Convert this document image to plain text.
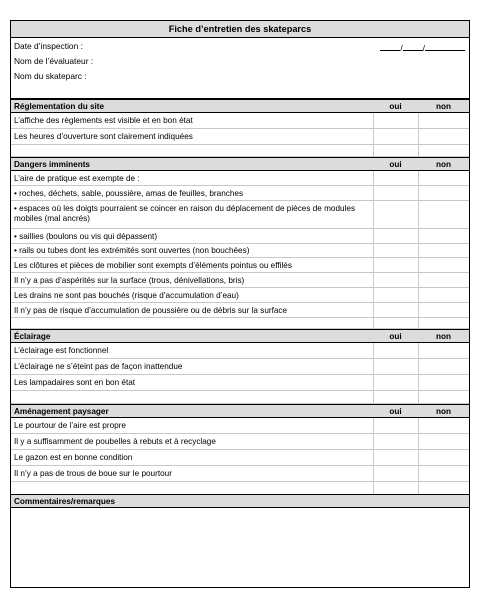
Fiche d’entretien des skateparcs
Date d’inspection :	/ /
Nom de l’évaluateur :
Nom du skateparc :
Réglementation du site	oui	non
L’affiche des règlements est visible et en bon état
Les heures d’ouverture sont clairement indiquées
Dangers imminents	oui	non
L’aire de pratique est exempte de :
• roches, déchets, sable, poussière, amas de feuilles, branches
• espaces où les doigts pourraient se coincer en raison du déplacement de pièces de modules mobiles (mal ancrés)
• saillies (boulons ou vis qui dépassent)
• rails ou tubes dont les extrémités sont ouvertes (non bouchées)
Les clôtures et pièces de mobilier sont exempts d’éléments pointus ou effilés
Il n’y a pas d’aspérités sur la surface (trous, dénivellations, bris)
Les drains ne sont pas bouchés (risque d’accumulation d’eau)
Il n’y pas de risque d’accumulation de poussière ou de débris sur la surface
Éclairage	oui	non
L’éclairage est fonctionnel
L’éclairage ne s’éteint pas de façon inattendue
Les lampadaires sont en bon état
Aménagement paysager	oui	non
Le pourtour de l’aire est propre
Il y a suffisamment de poubelles à rebuts et à recyclage
Le gazon est en bonne condition
Il n’y a pas de trous de boue sur le pourtour
Commentaires/remarques
